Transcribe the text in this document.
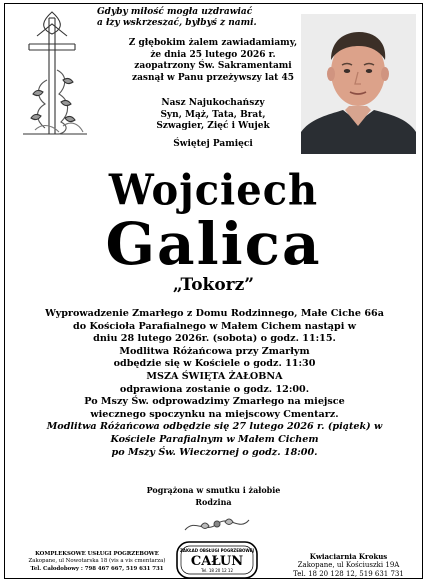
Gdyby miłość mogła uzdrawiać
a łzy wskrzeszać, byłbyś z nami.
Z głębokim żalem zawiadamiamy,
że dnia 25 lutego 2026 r.
zaopatrzony Św. Sakramentami
zasnął w Panu przeżywszy lat 45
Nasz Najukochańszy
Syn, Mąż, Tata, Brat,
Szwagier, Zięć i Wujek
Świętej Pamięci
Wojciech
Galica
„Tokorz”
Wyprowadzenie Zmarłego z Domu Rodzinnego, Małe Ciche 66a
do Kościoła Parafialnego w Małem Cichem nastąpi w
dniu 28 lutego 2026r. (sobota) o godz. 11:15.
Modlitwa Różańcowa przy Zmarłym
odbędzie się w Kościele o godz. 11:30
MSZA ŚWIĘTA ŻAŁOBNA
odprawiona zostanie o godz. 12:00.
Po Mszy Św. odprowadzimy Zmarłego na miejsce
wiecznego spoczynku na miejscowy Cmentarz.
Modlitwa Różańcowa odbędzie się 27 lutego 2026 r. (piątek) w
Kościele Parafialnym w Małem Cichem
po Mszy Św. Wieczornej o godz. 18:00.
Pogrążona w smutku i żałobie
Rodzina
KOMPLEKSOWE USŁUGI POGRZEBOWE
Zakopane, ul Nowotarska 18 (vis a vis cmentarza)
Tel. Całodobowy : 798 467 667, 519 631 731
ZAKŁAD OBSŁUGI POGRZEBOWEJ
CAŁUN
Tel. 18 20 12 12
Kwiaciarnia Krokus
Zakopane, ul Kościuszki 19A
Tel. 18 20 128 12, 519 631 731
